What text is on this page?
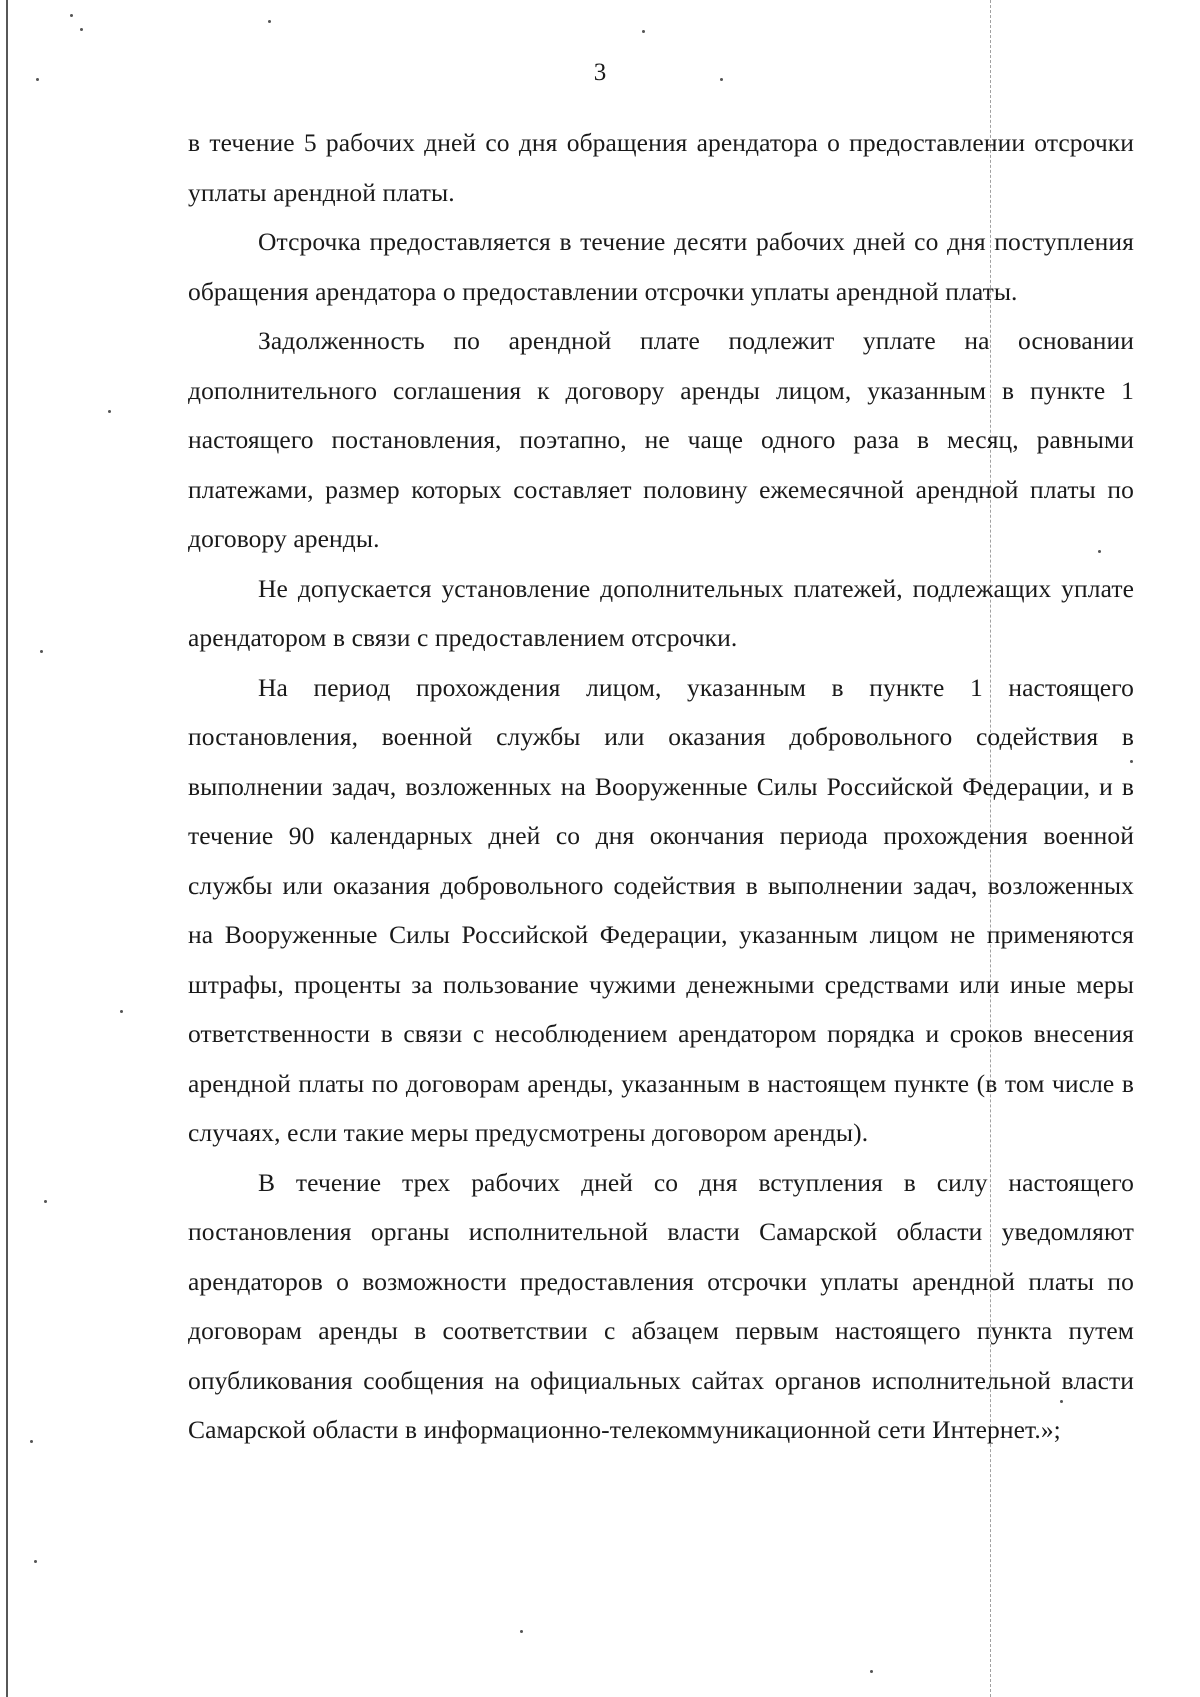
3

в течение 5 рабочих дней со дня обращения арендатора о предоставлении отсрочки уплаты арендной платы.

Отсрочка предоставляется в течение десяти рабочих дней со дня поступления обращения арендатора о предоставлении отсрочки уплаты арендной платы.

Задолженность по арендной плате подлежит уплате на основании дополнительного соглашения к договору аренды лицом, указанным в пункте 1 настоящего постановления, поэтапно, не чаще одного раза в месяц, равными платежами, размер которых составляет половину ежемесячной арендной платы по договору аренды.

Не допускается установление дополнительных платежей, подлежащих уплате арендатором в связи с предоставлением отсрочки.

На период прохождения лицом, указанным в пункте 1 настоящего постановления, военной службы или оказания добровольного содействия в выполнении задач, возложенных на Вооруженные Силы Российской Федерации, и в течение 90 календарных дней со дня окончания периода прохождения военной службы или оказания добровольного содействия в выполнении задач, возложенных на Вооруженные Силы Российской Федерации, указанным лицом не применяются штрафы, проценты за пользование чужими денежными средствами или иные меры ответственности в связи с несоблюдением арендатором порядка и сроков внесения арендной платы по договорам аренды, указанным в настоящем пункте (в том числе в случаях, если такие меры предусмотрены договором аренды).

В течение трех рабочих дней со дня вступления в силу настоящего постановления органы исполнительной власти Самарской области уведомляют арендаторов о возможности предоставления отсрочки уплаты арендной платы по договорам аренды в соответствии с абзацем первым настоящего пункта путем опубликования сообщения на официальных сайтах органов исполнительной власти Самарской области в информационно-телекоммуникационной сети Интернет.»;
